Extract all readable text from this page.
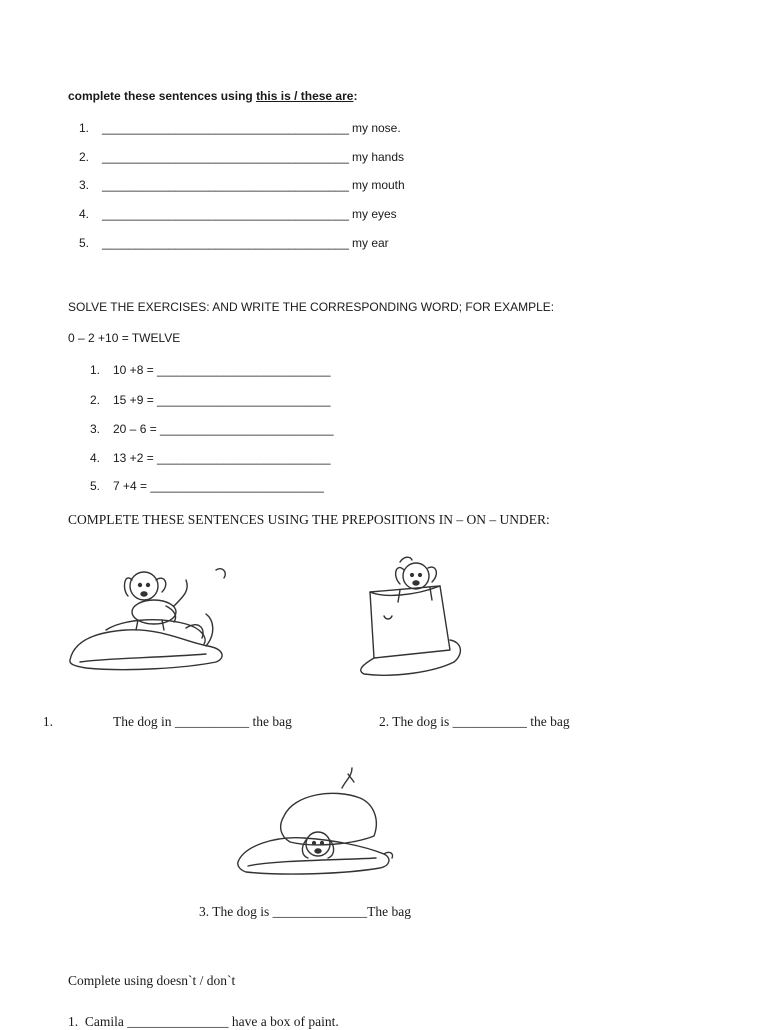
complete these sentences using this is / these are:
1. _____________________________________ my nose.
2. _____________________________________ my hands
3. _____________________________________ my mouth
4. _____________________________________ my eyes
5. _____________________________________ my ear
SOLVE THE EXERCISES: AND WRITE THE CORRESPONDING WORD; FOR EXAMPLE:
0 – 2 +10 = TWELVE
1. 10 +8 = __________________________
2. 15 +9 = __________________________
3. 20 – 6 = __________________________
4. 13 +2 = __________________________
5. 7 +4 = __________________________
COMPLETE THESE SENTENCES USING THE PREPOSITIONS IN – ON – UNDER:
1.	The dog in ___________ the bag	2. The dog is ___________ the bag
3. The dog is ______________The bag
Complete using doesn`t / don`t
1.  Camila _______________ have a box of paint.
